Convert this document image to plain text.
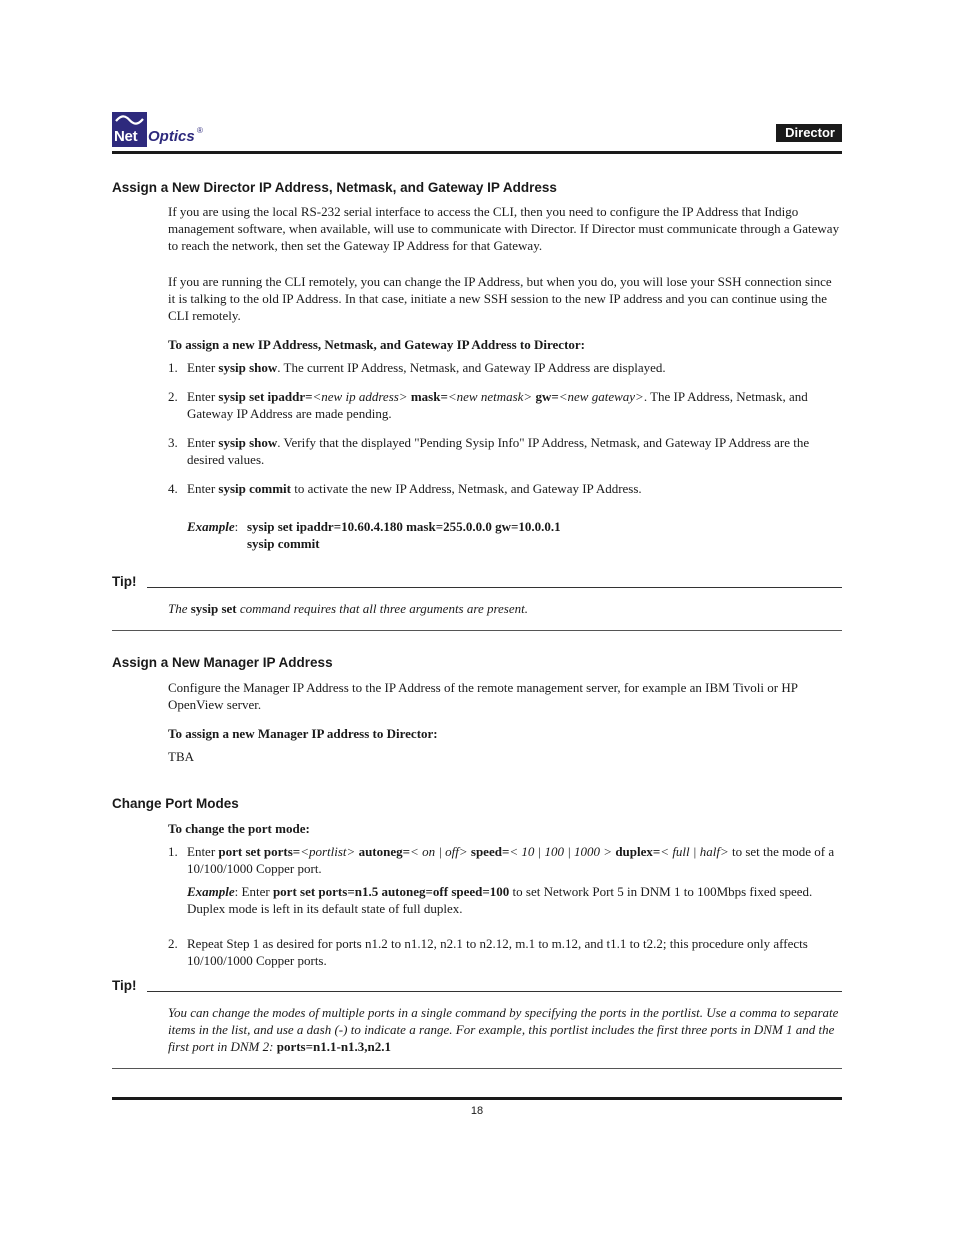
Net Optics ®	Director
Assign a New Director IP Address, Netmask, and Gateway IP Address

If you are using the local RS-232 serial interface to access the CLI, then you need to configure the IP Address that Indigo management software, when available, will use to communicate with Director. If Director must communicate through a Gateway to reach the network, then set the Gateway IP Address for that Gateway.

If you are running the CLI remotely, you can change the IP Address, but when you do, you will lose your SSH connection since it is talking to the old IP Address. In that case, initiate a new SSH session to the new IP address and you can continue using the CLI remotely.

To assign a new IP Address, Netmask, and Gateway IP Address to Director:
1. Enter sysip show. The current IP Address, Netmask, and Gateway IP Address are displayed.
2. Enter sysip set ipaddr=<new ip address> mask=<new netmask> gw=<new gateway>. The IP Address, Netmask, and Gateway IP Address are made pending.
3. Enter sysip show. Verify that the displayed "Pending Sysip Info" IP Address, Netmask, and Gateway IP Address are the desired values.
4. Enter sysip commit to activate the new IP Address, Netmask, and Gateway IP Address.
Example: sysip set ipaddr=10.60.4.180 mask=255.0.0.0 gw=10.0.0.1
sysip commit
Tip!
The sysip set command requires that all three arguments are present.
Assign a New Manager IP Address

Configure the Manager IP Address to the IP Address of the remote management server, for example an IBM Tivoli or HP OpenView server.

To assign a new Manager IP address to Director:
TBA
Change Port Modes
To change the port mode:
1. Enter port set ports=<portlist> autoneg=< on | off> speed=< 10 | 100 | 1000 > duplex=< full | half> to set the mode of a 10/100/1000 Copper port.
Example: Enter port set ports=n1.5 autoneg=off speed=100 to set Network Port 5 in DNM 1 to 100Mbps fixed speed. Duplex mode is left in its default state of full duplex.
2. Repeat Step 1 as desired for ports n1.2 to n1.12, n2.1 to n2.12, m.1 to m.12, and t1.1 to t2.2; this procedure only affects 10/100/1000 Copper ports.
Tip!
You can change the modes of multiple ports in a single command by specifying the ports in the portlist. Use a comma to separate items in the list, and use a dash (-) to indicate a range. For example, this portlist includes the first three ports in DNM 1 and the first port in DNM 2: ports=n1.1-n1.3,n2.1
18
